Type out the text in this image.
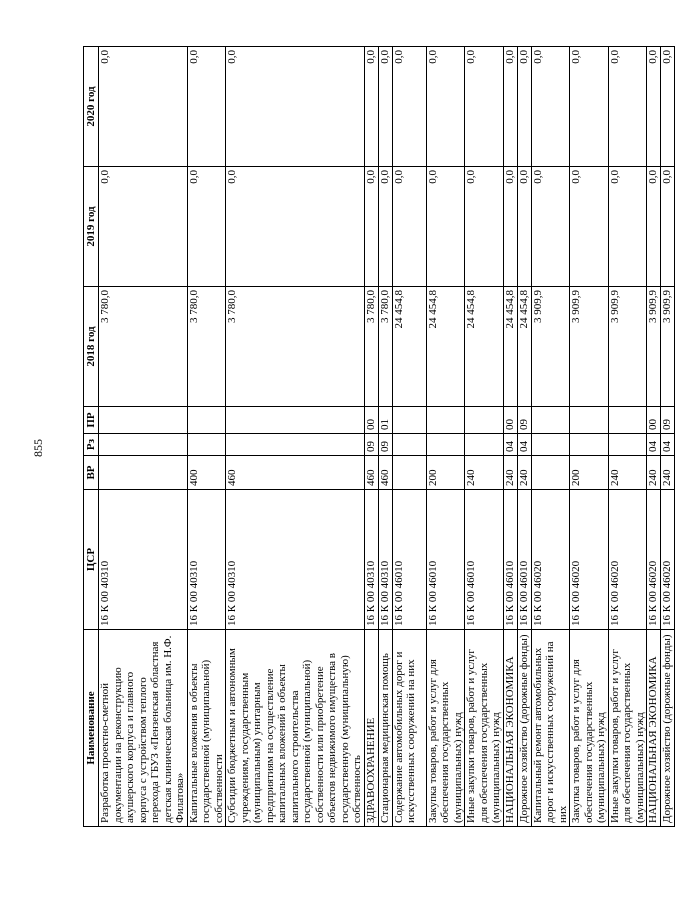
855
Наименование	ЦСР	ВР	Рз	ПР	2018 год	2019 год	2020 год
Разработка проектно-сметной документации на реконструкцию акушерского корпуса и главного корпуса с устройством теплого перехода ГБУЗ «Пензенская областная детская клиническая больница им. Н.Ф. Филатова»	16 К 00 40310				3 780,0	0,0	0,0
Капитальные вложения в объекты государственной (муниципальной) собственности	16 К 00 40310	400			3 780,0	0,0	0,0
Субсидии бюджетным и автономным учреждениям, государственным (муниципальным) унитарным предприятиям на осуществление капитальных вложений в объекты капитального строительства государственной (муниципальной) собственности или приобретение объектов недвижимого имущества в государственную (муниципальную) собственность	16 К 00 40310	460			3 780,0	0,0	0,0
ЗДРАВООХРАНЕНИЕ	16 К 00 40310	460	09	00	3 780,0	0,0	0,0
Стационарная медицинская помощь	16 К 00 40310	460	09	01	3 780,0	0,0	0,0
Содержание автомобильных дорог и искусственных сооружений на них	16 К 00 46010				24 454,8	0,0	0,0
Закупка товаров, работ и услуг для обеспечения государственных (муниципальных) нужд	16 К 00 46010	200			24 454,8	0,0	0,0
Иные закупки товаров, работ и услуг для обеспечения государственных (муниципальных) нужд	16 К 00 46010	240			24 454,8	0,0	0,0
НАЦИОНАЛЬНАЯ ЭКОНОМИКА	16 К 00 46010	240	04	00	24 454,8	0,0	0,0
Дорожное хозяйство (дорожные фонды)	16 К 00 46010	240	04	09	24 454,8	0,0	0,0
Капитальный ремонт автомобильных дорог и искусственных сооружений на них	16 К 00 46020				3 909,9	0,0	0,0
Закупка товаров, работ и услуг для обеспечения государственных (муниципальных) нужд	16 К 00 46020	200			3 909,9	0,0	0,0
Иные закупки товаров, работ и услуг для обеспечения государственных (муниципальных) нужд	16 К 00 46020	240			3 909,9	0,0	0,0
НАЦИОНАЛЬНАЯ ЭКОНОМИКА	16 К 00 46020	240	04	00	3 909,9	0,0	0,0
Дорожное хозяйство (дорожные фонды)	16 К 00 46020	240	04	09	3 909,9	0,0	0,0
